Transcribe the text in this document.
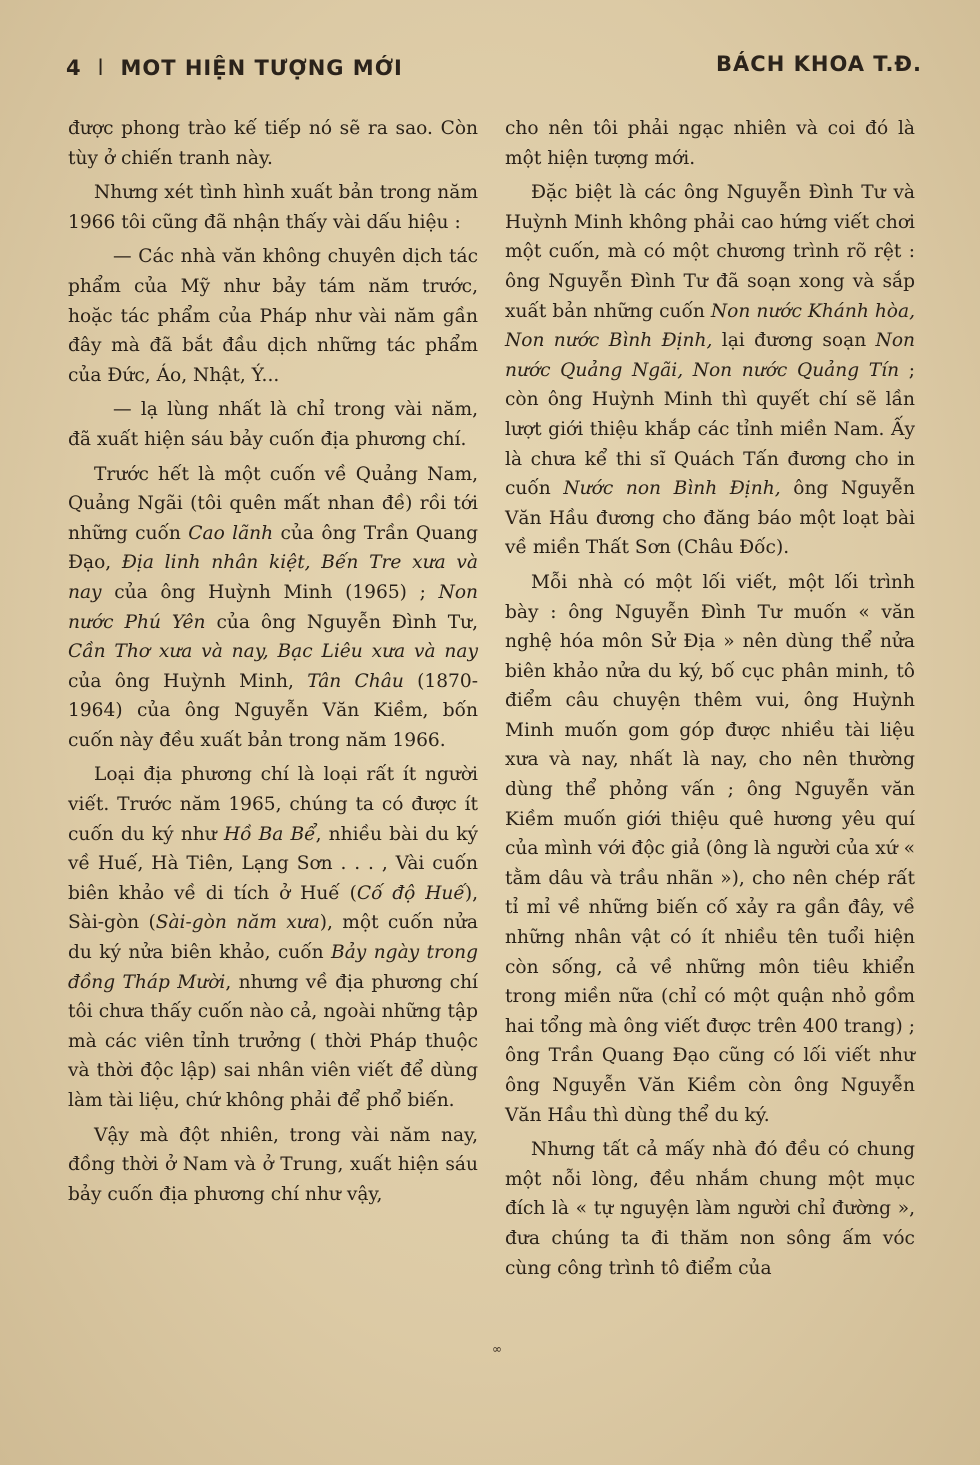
4 l MOT HIỆN TƯỢNG MỚI	BÁCH KHOA T.Đ.

được phong trào kế tiếp nó sẽ ra sao. Còn tùy ở chiến tranh này.

Nhưng xét tình hình xuất bản trong năm 1966 tôi cũng đã nhận thấy vài dấu hiệu :

— Các nhà văn không chuyên dịch tác phẩm của Mỹ như bảy tám năm trước, hoặc tác phẩm của Pháp như vài năm gần đây mà đã bắt đầu dịch những tác phẩm của Đức, Áo, Nhật, Ý...

— lạ lùng nhất là chỉ trong vài năm, đã xuất hiện sáu bảy cuốn địa phương chí.

Trước hết là một cuốn về Quảng Nam, Quảng Ngãi (tôi quên mất nhan đề) rồi tới những cuốn Cao lãnh của ông Trần Quang Đạo, Địa linh nhân kiệt, Bến Tre xưa và nay của ông Huỳnh Minh (1965) ; Non nước Phú Yên của ông Nguyễn Đình Tư, Cần Thơ xưa và nay, Bạc Liêu xưa và nay của ông Huỳnh Minh, Tân Châu (1870-1964) của ông Nguyễn Văn Kiềm, bốn cuốn này đều xuất bản trong năm 1966.

Loại địa phương chí là loại rất ít người viết. Trước năm 1965, chúng ta có được ít cuốn du ký như Hồ Ba Bể, nhiều bài du ký về Huế, Hà Tiên, Lạng Sơn . . . , Vài cuốn biên khảo về di tích ở Huế (Cố độ Huế), Sài-gòn (Sài-gòn năm xưa), một cuốn nửa du ký nửa biên khảo, cuốn Bảy ngày trong đồng Tháp Mười, nhưng về địa phương chí tôi chưa thấy cuốn nào cả, ngoài những tập mà các viên tỉnh trưởng ( thời Pháp thuộc và thời độc lập) sai nhân viên viết để dùng làm tài liệu, chứ không phải để phổ biến.

Vậy mà đột nhiên, trong vài năm nay, đồng thời ở Nam và ở Trung, xuất hiện sáu bảy cuốn địa phương chí như vậy,

cho nên tôi phải ngạc nhiên và coi đó là một hiện tượng mới.

Đặc biệt là các ông Nguyễn Đình Tư và Huỳnh Minh không phải cao hứng viết chơi một cuốn, mà có một chương trình rõ rệt : ông Nguyễn Đình Tư đã soạn xong và sắp xuất bản những cuốn Non nước Khánh hòa, Non nước Bình Định, lại đương soạn Non nước Quảng Ngãi, Non nước Quảng Tín ; còn ông Huỳnh Minh thì quyết chí sẽ lần lượt giới thiệu khắp các tỉnh miền Nam. Ấy là chưa kể thi sĩ Quách Tấn đương cho in cuốn Nước non Bình Định, ông Nguyễn Văn Hầu đương cho đăng báo một loạt bài về miền Thất Sơn (Châu Đốc).

Mỗi nhà có một lối viết, một lối trình bày : ông Nguyễn Đình Tư muốn « văn nghệ hóa môn Sử Địa » nên dùng thể nửa biên khảo nửa du ký, bố cục phân minh, tô điểm câu chuyện thêm vui, ông Huỳnh Minh muốn gom góp được nhiều tài liệu xưa và nay, nhất là nay, cho nên thường dùng thể phỏng vấn ; ông Nguyễn văn Kiềm muốn giới thiệu quê hương yêu quí của mình với độc giả (ông là người của xứ « tằm dâu và trầu nhãn »), cho nên chép rất tỉ mỉ về những biến cố xảy ra gần đây, về những nhân vật có ít nhiều tên tuổi hiện còn sống, cả về những môn tiêu khiển trong miền nữa (chỉ có một quận nhỏ gồm hai tổng mà ông viết được trên 400 trang) ; ông Trần Quang Đạo cũng có lối viết như ông Nguyễn Văn Kiềm còn ông Nguyễn Văn Hầu thì dùng thể du ký.

Nhưng tất cả mấy nhà đó đều có chung một nỗi lòng, đều nhắm chung một mục đích là « tự nguyện làm người chỉ đường », đưa chúng ta đi thăm non sông ấm vóc cùng công trình tô điểm của

∞
